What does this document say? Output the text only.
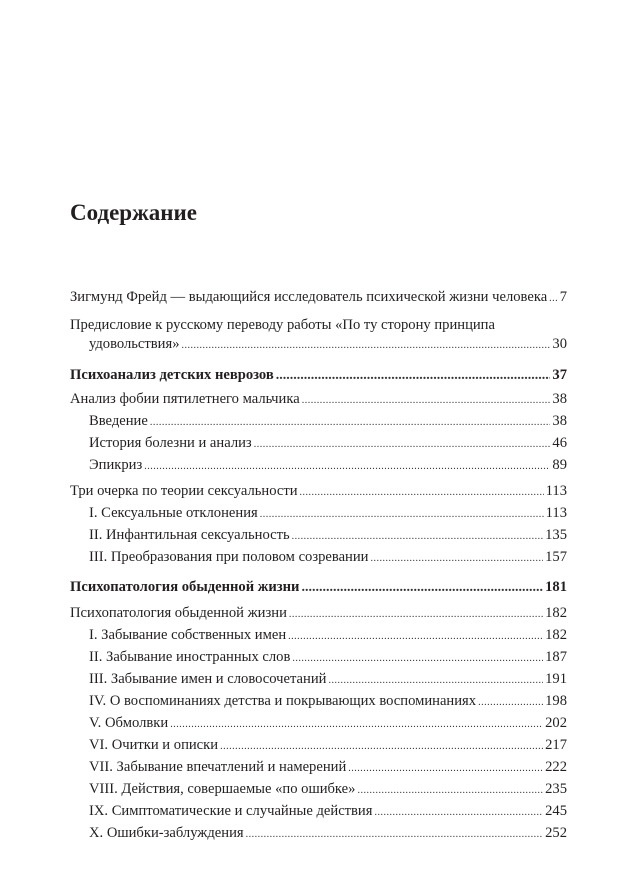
Содержание
Зигмунд Фрейд — выдающийся исследователь психической жизни человека ..... 7
Предисловие к русскому переводу работы «По ту сторону принципа
удовольствия» .....	30
Психоанализ детских неврозов .....	37
Анализ фобии пятилетнего мальчика .....	38
Введение .....	38
История болезни и анализ .....	46
Эпикриз .....	89
Три очерка по теории сексуальности .....	113
I. Сексуальные отклонения .....	113
II. Инфантильная сексуальность .....	135
III. Преобразования при половом созревании .....	157
Психопатология обыденной жизни .....	181
Психопатология обыденной жизни .....	182
I. Забывание собственных имен .....	182
II. Забывание иностранных слов .....	187
III. Забывание имен и словосочетаний .....	191
IV. О воспоминаниях детства и покрывающих воспоминаниях .....	198
V. Обмолвки .....	202
VI. Очитки и описки .....	217
VII. Забывание впечатлений и намерений .....	222
VIII. Действия, совершаемые «по ошибке» .....	235
IX. Симптоматические и случайные действия .....	245
X. Ошибки-заблуждения .....	252
